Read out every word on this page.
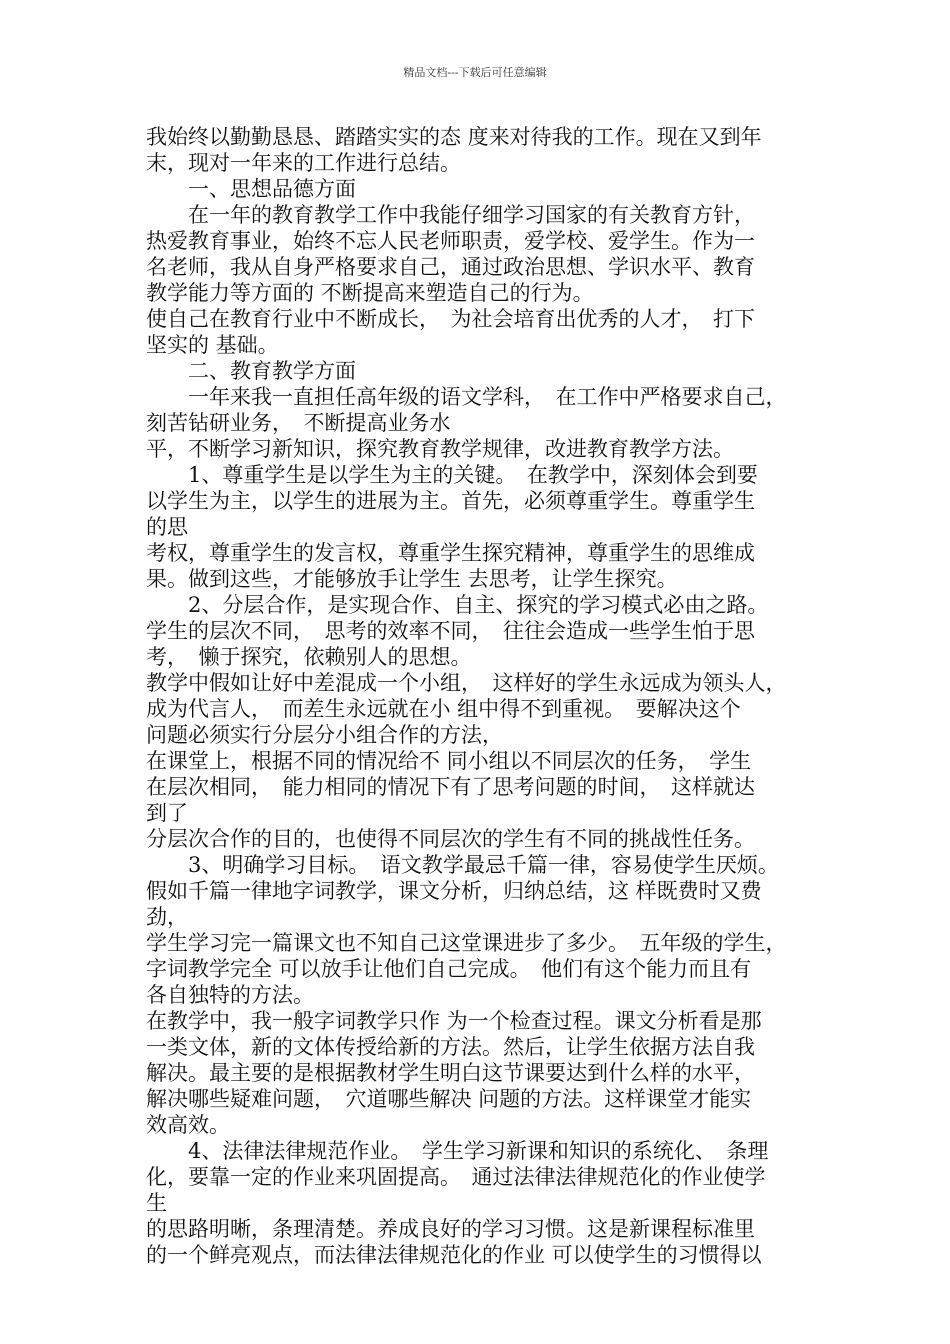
精品文档---下载后可任意编辑
我始终以勤勤恳恳、踏踏实实的态 度来对待我的工作。现在又到年
末，现对一年来的工作进行总结。
　　一、思想品德方面
　　在一年的教育教学工作中我能仔细学习国家的有关教育方针，
热爱教育事业，始终不忘人民老师职责，爱学校、爱学生。作为一
名老师，我从自身严格要求自己，通过政治思想、学识水平、教育
教学能力等方面的 不断提高来塑造自己的行为。
使自己在教育行业中不断成长，　为社会培育出优秀的人才，　打下
坚实的 基础。
　　二、教育教学方面
　　一年来我一直担任高年级的语文学科，　在工作中严格要求自己，
刻苦钻研业务，　不断提高业务水
平，不断学习新知识，探究教育教学规律，改进教育教学方法。
　　1、尊重学生是以学生为主的关键。　在教学中，深刻体会到要
以学生为主，以学生的进展为主。首先，必须尊重学生。尊重学生
的思
考权，尊重学生的发言权，尊重学生探究精神，尊重学生的思维成
果。做到这些，才能够放手让学生 去思考，让学生探究。
　　2、分层合作，是实现合作、自主、探究的学习模式必由之路。
学生的层次不同，　思考的效率不同，　往往会造成一些学生怕于思
考，　懒于探究，依赖别人的思想。
教学中假如让好中差混成一个小组，　这样好的学生永远成为领头人，
成为代言人，　而差生永远就在小 组中得不到重视。　要解决这个
问题必须实行分层分小组合作的方法，
在课堂上，根据不同的情况给不 同小组以不同层次的任务，　学生
在层次相同，　能力相同的情况下有了思考问题的时间，　这样就达
到了
分层次合作的目的，也使得不同层次的学生有不同的挑战性任务。
　　3、明确学习目标。　语文教学最忌千篇一律，容易使学生厌烦。
假如千篇一律地字词教学，课文分析，归纳总结，这 样既费时又费
劲，
学生学习完一篇课文也不知自己这堂课进步了多少。　五年级的学生，
字词教学完全 可以放手让他们自己完成。　他们有这个能力而且有
各自独特的方法。
在教学中，我一般字词教学只作 为一个检查过程。课文分析看是那
一类文体，新的文体传授给新的方法。然后，让学生依据方法自我
解决。最主要的是根据教材学生明白这节课要达到什么样的水平，
解决哪些疑难问题，　穴道哪些解决 问题的方法。这样课堂才能实
效高效。
　　4、法律法律规范作业。　学生学习新课和知识的系统化、　条理
化，要靠一定的作业来巩固提高。　通过法律法律规范化的作业使学
生
的思路明晰，条理清楚。养成良好的学习习惯。这是新课程标准里
的一个鲜亮观点，而法律法律规范化的作业 可以使学生的习惯得以
